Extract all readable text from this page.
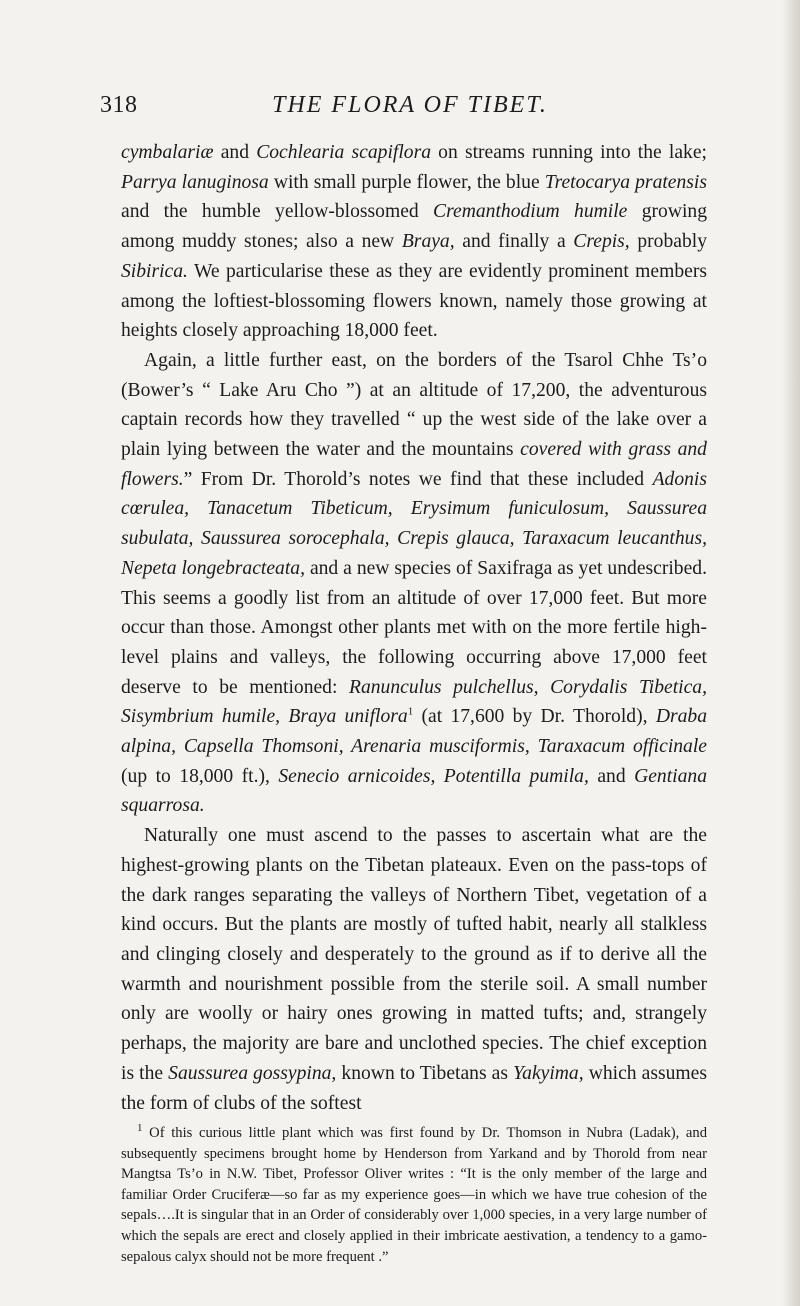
318	THE FLORA OF TIBET.

cymbalariæ and Cochlearia scapiflora on streams running into the lake; Parrya lanuginosa with small purple flower, the blue Tretocarya pratensis and the humble yellow-blossomed Cremanthodium humile growing among muddy stones; also a new Braya, and finally a Crepis, probably Sibirica. We particularise these as they are evidently prominent members among the loftiest-blossoming flowers known, namely those growing at heights closely approaching 18,000 feet.

Again, a little further east, on the borders of the Tsarol Chhe Ts’o (Bower’s “ Lake Aru Cho ”) at an altitude of 17,200, the adventurous captain records how they travelled “ up the west side of the lake over a plain lying between the water and the mountains covered with grass and flowers.” From Dr. Thorold’s notes we find that these included Adonis cœrulea, Tanacetum Tibeticum, Erysimum funiculosum, Saussurea subulata, Saussurea sorocephala, Crepis glauca, Taraxacum leucanthus, Nepeta longebracteata, and a new species of Saxifraga as yet undescribed. This seems a goodly list from an altitude of over 17,000 feet. But more occur than those. Amongst other plants met with on the more fertile high-level plains and valleys, the following occurring above 17,000 feet deserve to be mentioned: Ranunculus pulchellus, Corydalis Tibetica, Sisymbrium humile, Braya uniflora$^1$ (at 17,600 by Dr. Thorold), Draba alpina, Capsella Thomsoni, Arenaria musciformis, Taraxacum officinale (up to 18,000 ft.), Senecio arnicoides, Potentilla pumila, and Gentiana squarrosa.

Naturally one must ascend to the passes to ascertain what are the highest-growing plants on the Tibetan plateaux. Even on the pass-tops of the dark ranges separating the valleys of Northern Tibet, vegetation of a kind occurs. But the plants are mostly of tufted habit, nearly all stalkless and clinging closely and desperately to the ground as if to derive all the warmth and nourishment possible from the sterile soil. A small number only are woolly or hairy ones growing in matted tufts; and, strangely perhaps, the majority are bare and unclothed species. The chief exception is the Saussurea gossypina, known to Tibetans as Yakyima, which assumes the form of clubs of the softest

$^1$ Of this curious little plant which was first found by Dr. Thomson in Nubra (Ladak), and subsequently specimens brought home by Henderson from Yarkand and by Thorold from near Mangtsa Ts’o in N.W. Tibet, Professor Oliver writes : “It is the only member of the large and familiar Order Cruciferæ—so far as my experience goes—in which we have true cohesion of the sepals….It is singular that in an Order of considerably over 1,000 species, in a very large number of which the sepals are erect and closely applied in their imbricate aestivation, a tendency to a gamosepalous calyx should not be more frequent .”
